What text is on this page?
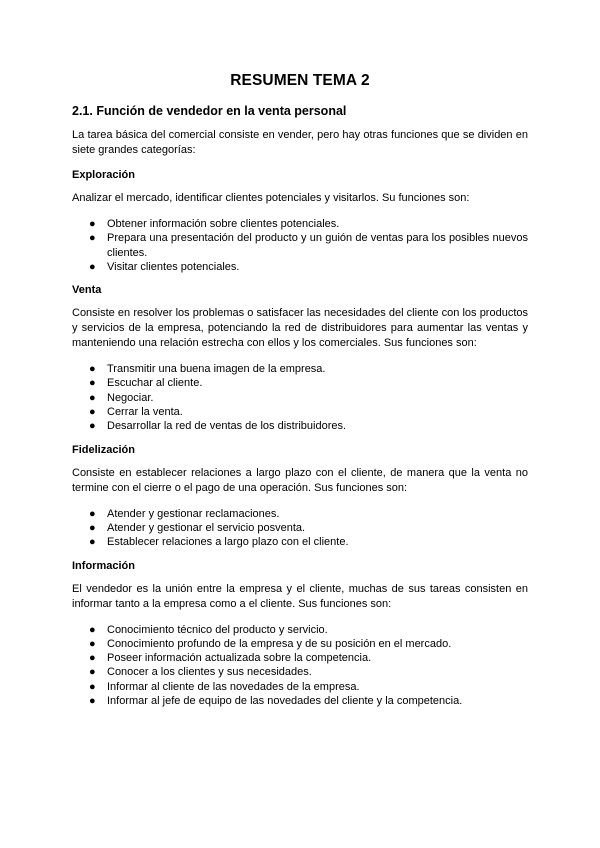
RESUMEN TEMA 2
2.1. Función de vendedor en la venta personal

La tarea básica del comercial consiste en vender, pero hay otras funciones que se dividen en siete grandes categorías:

Exploración

Analizar el mercado, identificar clientes potenciales y visitarlos. Su funciones son:

● Obtener información sobre clientes potenciales.
● Prepara una presentación del producto y un guión de ventas para los posibles nuevos clientes.
● Visitar clientes potenciales.
Venta

Consiste en resolver los problemas o satisfacer las necesidades del cliente con los productos y servicios de la empresa, potenciando la red de distribuidores para aumentar las ventas y manteniendo una relación estrecha con ellos y los comerciales. Sus funciones son:

● Transmitir una buena imagen de la empresa.
● Escuchar al cliente.
● Negociar.
● Cerrar la venta.
● Desarrollar la red de ventas de los distribuidores.
Fidelización

Consiste en establecer relaciones a largo plazo con el cliente, de manera que la venta no termine con el cierre o el pago de una operación. Sus funciones son:

● Atender y gestionar reclamaciones.
● Atender y gestionar el servicio posventa.
● Establecer relaciones a largo plazo con el cliente.
Información

El vendedor es la unión entre la empresa y el cliente, muchas de sus tareas consisten en informar tanto a la empresa como a el cliente. Sus funciones son:

● Conocimiento técnico del producto y servicio.
● Conocimiento profundo de la empresa y de su posición en el mercado.
● Poseer información actualizada sobre la competencia.
● Conocer a los clientes y sus necesidades.
● Informar al cliente de las novedades de la empresa.
● Informar al jefe de equipo de las novedades del cliente y la competencia.
